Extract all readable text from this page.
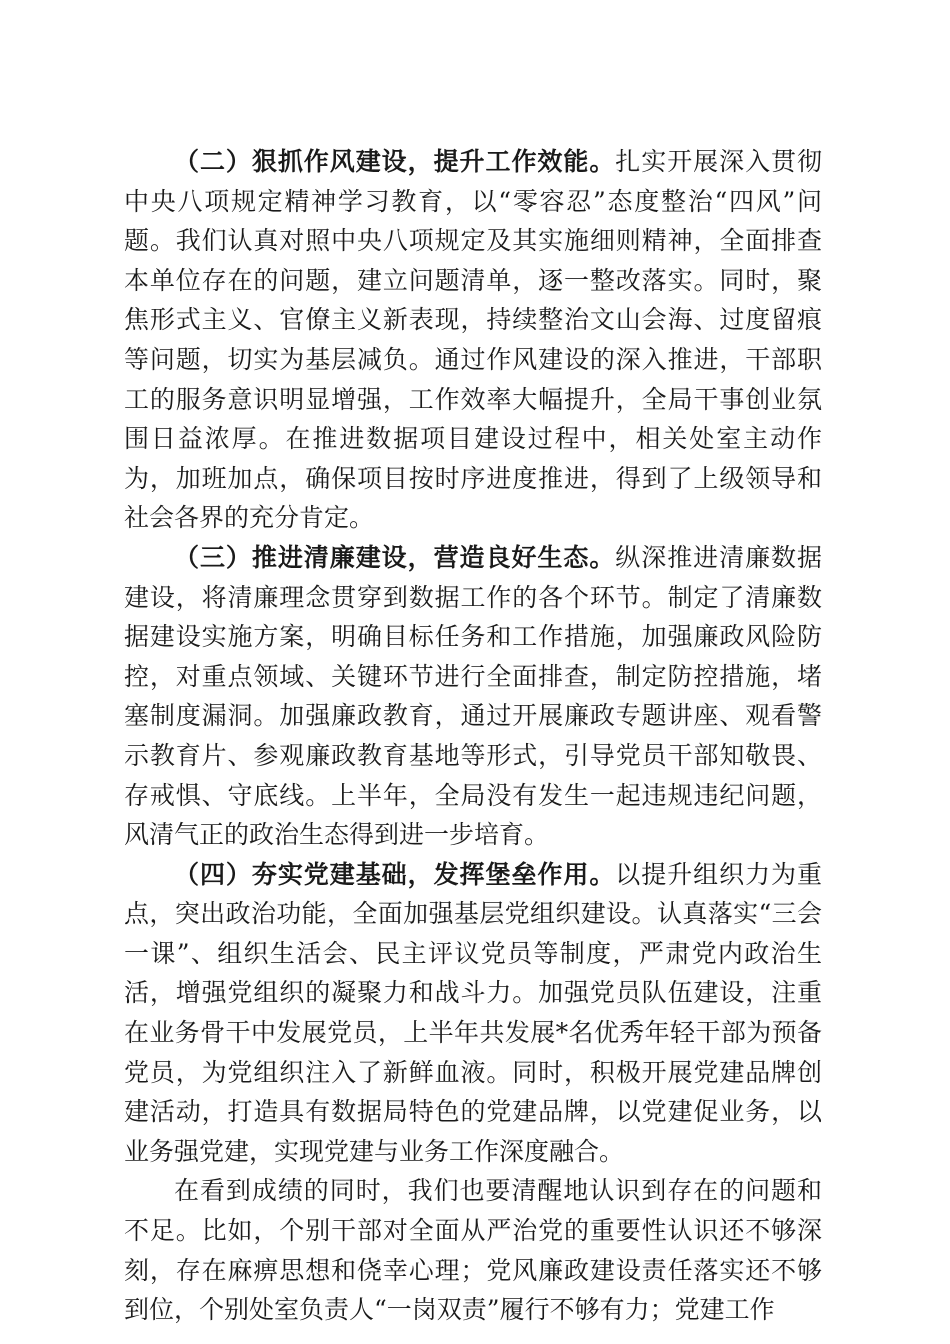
（二）狠抓作风建设，提升工作效能。扎实开展深入贯彻中央八项规定精神学习教育，以“零容忍”态度整治“四风”问题。我们认真对照中央八项规定及其实施细则精神，全面排查本单位存在的问题，建立问题清单，逐一整改落实。同时，聚焦形式主义、官僚主义新表现，持续整治文山会海、过度留痕等问题，切实为基层减负。通过作风建设的深入推进，干部职工的服务意识明显增强，工作效率大幅提升，全局干事创业氛围日益浓厚。在推进数据项目建设过程中，相关处室主动作为，加班加点，确保项目按时序进度推进，得到了上级领导和社会各界的充分肯定。

（三）推进清廉建设，营造良好生态。纵深推进清廉数据建设，将清廉理念贯穿到数据工作的各个环节。制定了清廉数据建设实施方案，明确目标任务和工作措施，加强廉政风险防控，对重点领域、关键环节进行全面排查，制定防控措施，堵塞制度漏洞。加强廉政教育，通过开展廉政专题讲座、观看警示教育片、参观廉政教育基地等形式，引导党员干部知敬畏、存戒惧、守底线。上半年，全局没有发生一起违规违纪问题，风清气正的政治生态得到进一步培育。

（四）夯实党建基础，发挥堡垒作用。以提升组织力为重点，突出政治功能，全面加强基层党组织建设。认真落实“三会一课”、组织生活会、民主评议党员等制度，严肃党内政治生活，增强党组织的凝聚力和战斗力。加强党员队伍建设，注重在业务骨干中发展党员，上半年共发展*名优秀年轻干部为预备党员，为党组织注入了新鲜血液。同时，积极开展党建品牌创建活动，打造具有数据局特色的党建品牌，以党建促业务，以业务强党建，实现党建与业务工作深度融合。

在看到成绩的同时，我们也要清醒地认识到存在的问题和不足。比如，个别干部对全面从严治党的重要性认识还不够深刻，存在麻痹思想和侥幸心理；党风廉政建设责任落实还不够到位，个别处室负责人“一岗双责”履行不够有力；党建工作
